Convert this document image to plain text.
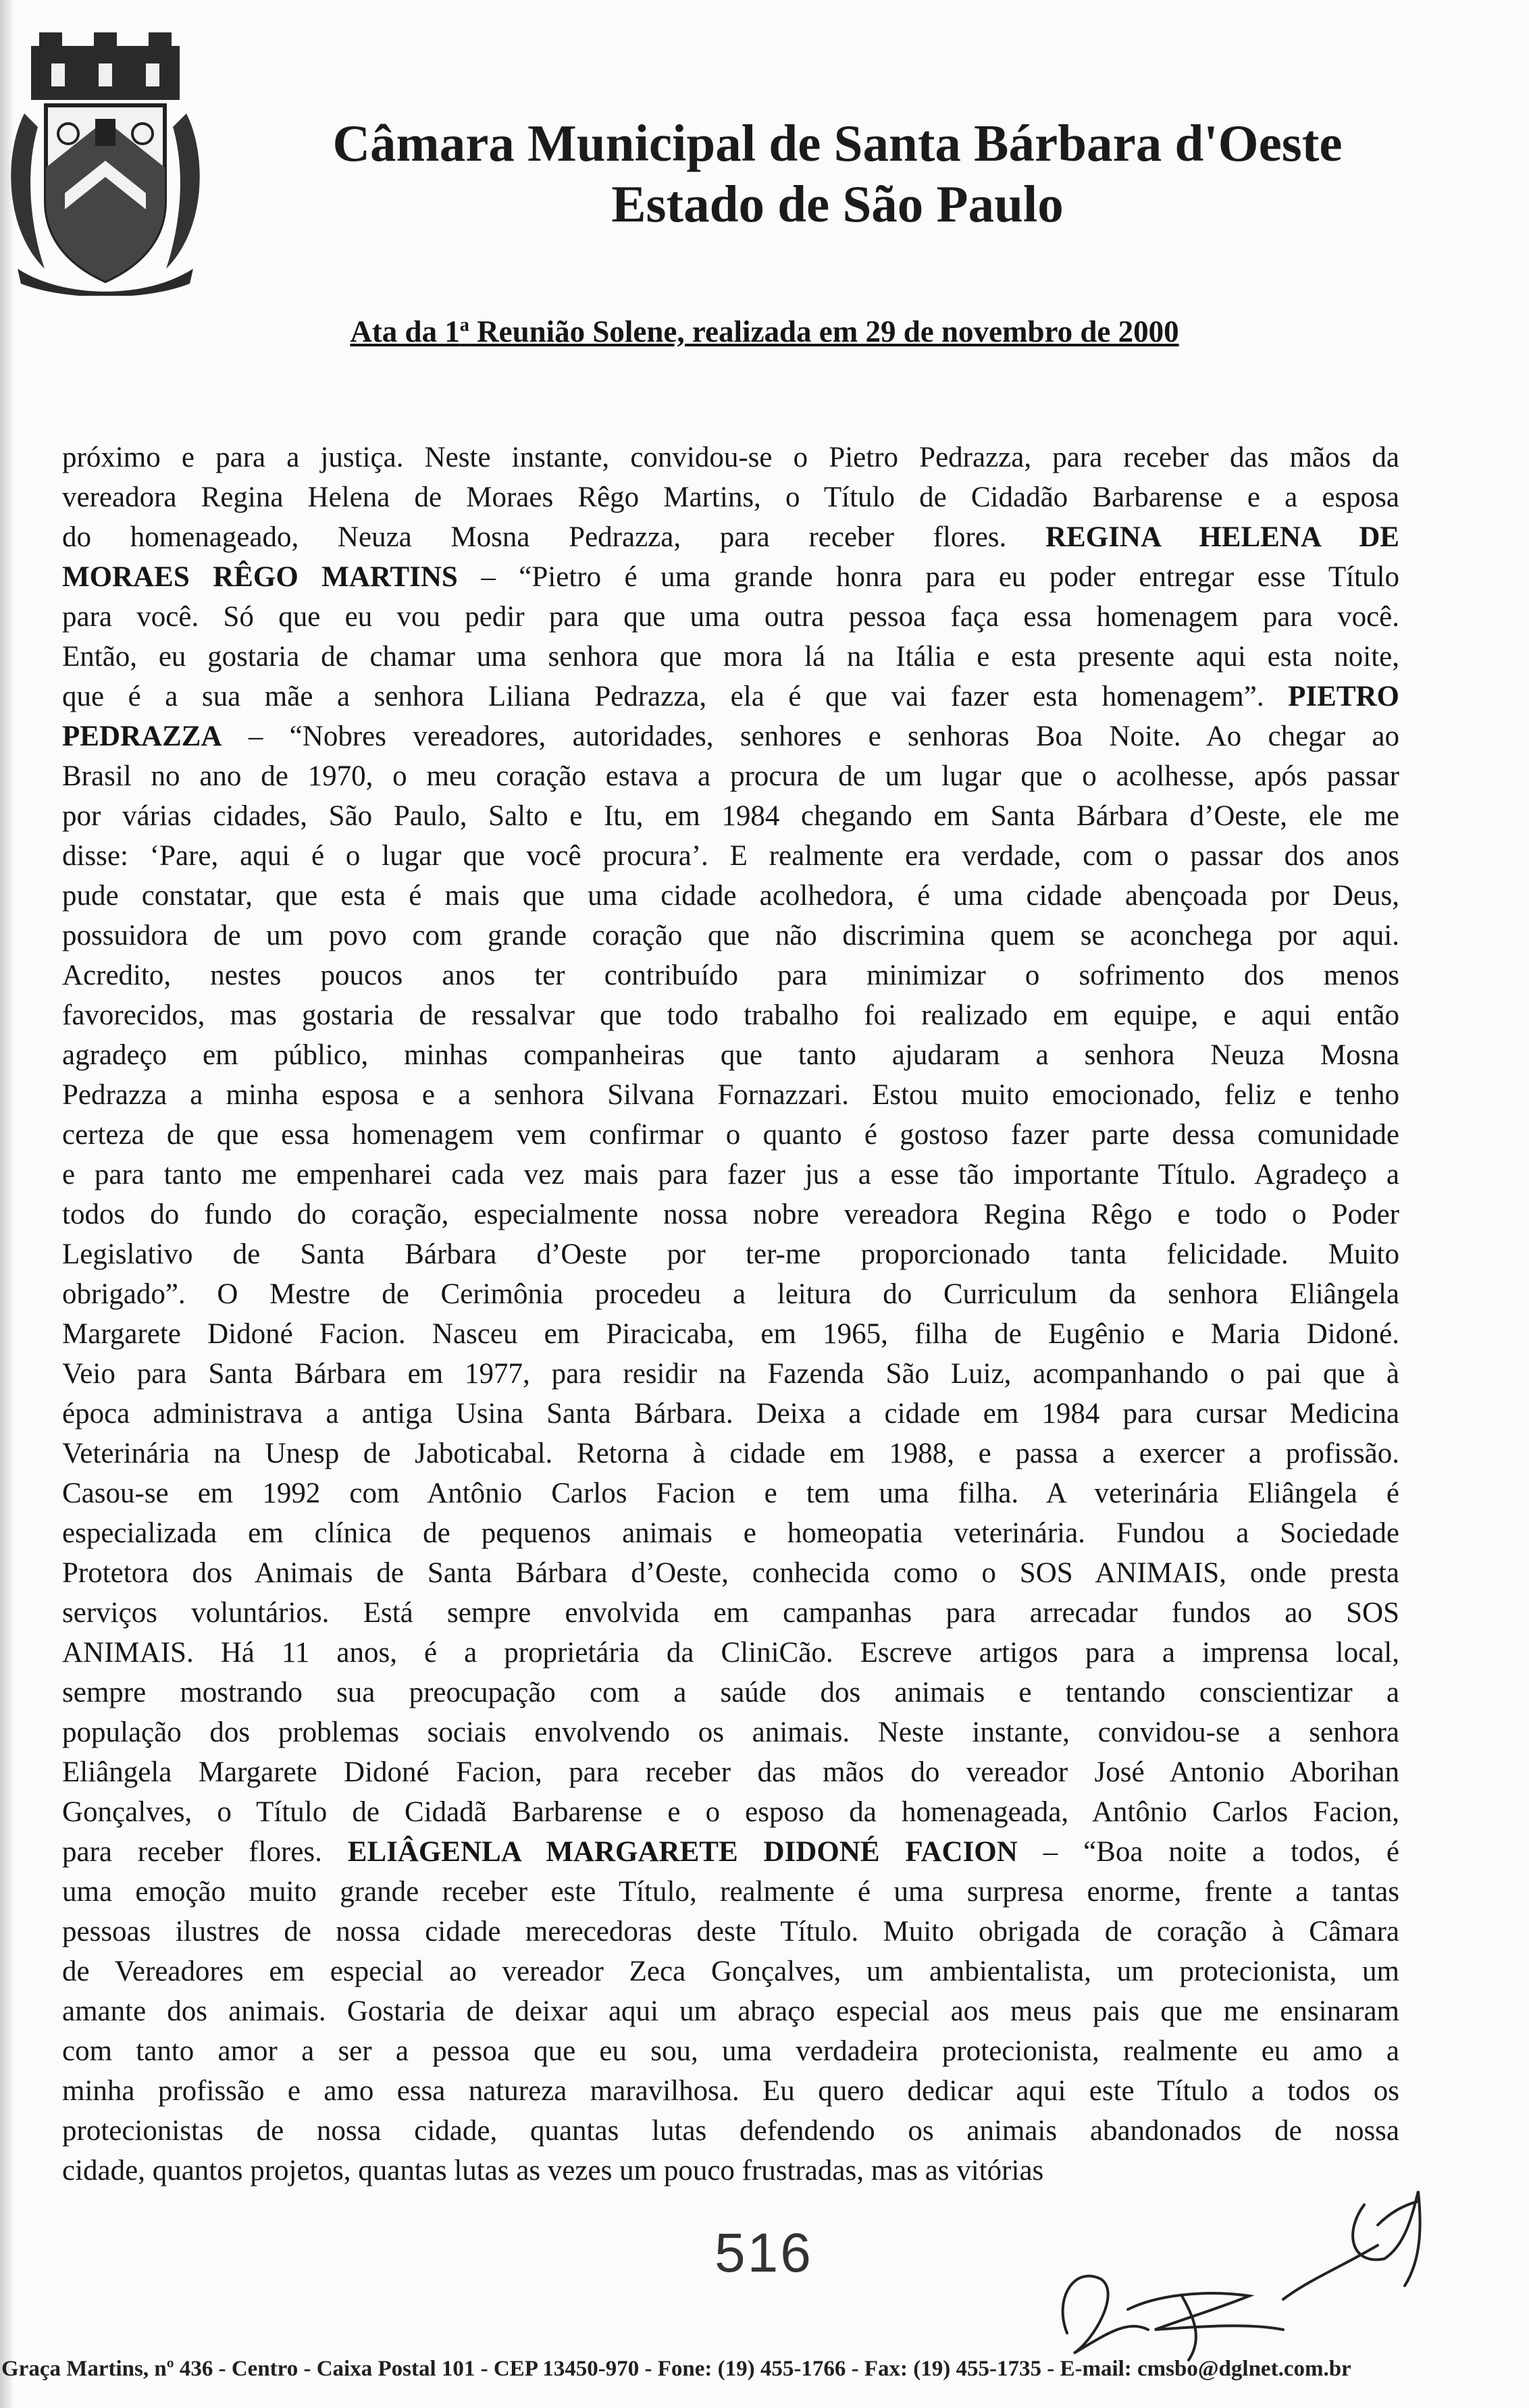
Câmara Municipal de Santa Bárbara d'Oeste
Estado de São Paulo
Ata da 1$^a$ Reunião Solene, realizada em 29 de novembro de 2000
próximo e para a justiça. Neste instante, convidou-se o Pietro Pedrazza, para receber das mãos da
vereadora Regina Helena de Moraes Rêgo Martins, o Título de Cidadão Barbarense e a esposa
do homenageado, Neuza Mosna Pedrazza, para receber flores. REGINA HELENA DE
MORAES RÊGO MARTINS – “Pietro é uma grande honra para eu poder entregar esse Título
para você. Só que eu vou pedir para que uma outra pessoa faça essa homenagem para você.
Então, eu gostaria de chamar uma senhora que mora lá na Itália e esta presente aqui esta noite,
que é a sua mãe a senhora Liliana Pedrazza, ela é que vai fazer esta homenagem”. PIETRO
PEDRAZZA – “Nobres vereadores, autoridades, senhores e senhoras Boa Noite. Ao chegar ao
Brasil no ano de 1970, o meu coração estava a procura de um lugar que o acolhesse, após passar
por várias cidades, São Paulo, Salto e Itu, em 1984 chegando em Santa Bárbara d’Oeste, ele me
disse: ‘Pare, aqui é o lugar que você procura’. E realmente era verdade, com o passar dos anos
pude constatar, que esta é mais que uma cidade acolhedora, é uma cidade abençoada por Deus,
possuidora de um povo com grande coração que não discrimina quem se aconchega por aqui.
Acredito, nestes poucos anos ter contribuído para minimizar o sofrimento dos menos
favorecidos, mas gostaria de ressalvar que todo trabalho foi realizado em equipe, e aqui então
agradeço em público, minhas companheiras que tanto ajudaram a senhora Neuza Mosna
Pedrazza a minha esposa e a senhora Silvana Fornazzari. Estou muito emocionado, feliz e tenho
certeza de que essa homenagem vem confirmar o quanto é gostoso fazer parte dessa comunidade
e para tanto me empenharei cada vez mais para fazer jus a esse tão importante Título. Agradeço a
todos do fundo do coração, especialmente nossa nobre vereadora Regina Rêgo e todo o Poder
Legislativo de Santa Bárbara d’Oeste por ter-me proporcionado tanta felicidade. Muito
obrigado”. O Mestre de Cerimônia procedeu a leitura do Curriculum da senhora Eliângela
Margarete Didoné Facion. Nasceu em Piracicaba, em 1965, filha de Eugênio e Maria Didoné.
Veio para Santa Bárbara em 1977, para residir na Fazenda São Luiz, acompanhando o pai que à
época administrava a antiga Usina Santa Bárbara. Deixa a cidade em 1984 para cursar Medicina
Veterinária na Unesp de Jaboticabal. Retorna à cidade em 1988, e passa a exercer a profissão.
Casou-se em 1992 com Antônio Carlos Facion e tem uma filha. A veterinária Eliângela é
especializada em clínica de pequenos animais e homeopatia veterinária. Fundou a Sociedade
Protetora dos Animais de Santa Bárbara d’Oeste, conhecida como o SOS ANIMAIS, onde presta
serviços voluntários. Está sempre envolvida em campanhas para arrecadar fundos ao SOS
ANIMAIS. Há 11 anos, é a proprietária da CliniCão. Escreve artigos para a imprensa local,
sempre mostrando sua preocupação com a saúde dos animais e tentando conscientizar a
população dos problemas sociais envolvendo os animais. Neste instante, convidou-se a senhora
Eliângela Margarete Didoné Facion, para receber das mãos do vereador José Antonio Aborihan
Gonçalves, o Título de Cidadã Barbarense e o esposo da homenageada, Antônio Carlos Facion,
para receber flores. ELIÂGENLA MARGARETE DIDONÉ FACION – “Boa noite a todos, é
uma emoção muito grande receber este Título, realmente é uma surpresa enorme, frente a tantas
pessoas ilustres de nossa cidade merecedoras deste Título. Muito obrigada de coração à Câmara
de Vereadores em especial ao vereador Zeca Gonçalves, um ambientalista, um protecionista, um
amante dos animais. Gostaria de deixar aqui um abraço especial aos meus pais que me ensinaram
com tanto amor a ser a pessoa que eu sou, uma verdadeira protecionista, realmente eu amo a
minha profissão e amo essa natureza maravilhosa. Eu quero dedicar aqui este Título a todos os
protecionistas de nossa cidade, quantas lutas defendendo os animais abandonados de nossa
cidade, quantos projetos, quantas lutas as vezes um pouco frustradas, mas as vitórias
516
Graça Martins, nº 436 - Centro - Caixa Postal 101 - CEP 13450-970 - Fone: (19) 455-1766 - Fax: (19) 455-1735 - E-mail: cmsbo@dglnet.com.br
